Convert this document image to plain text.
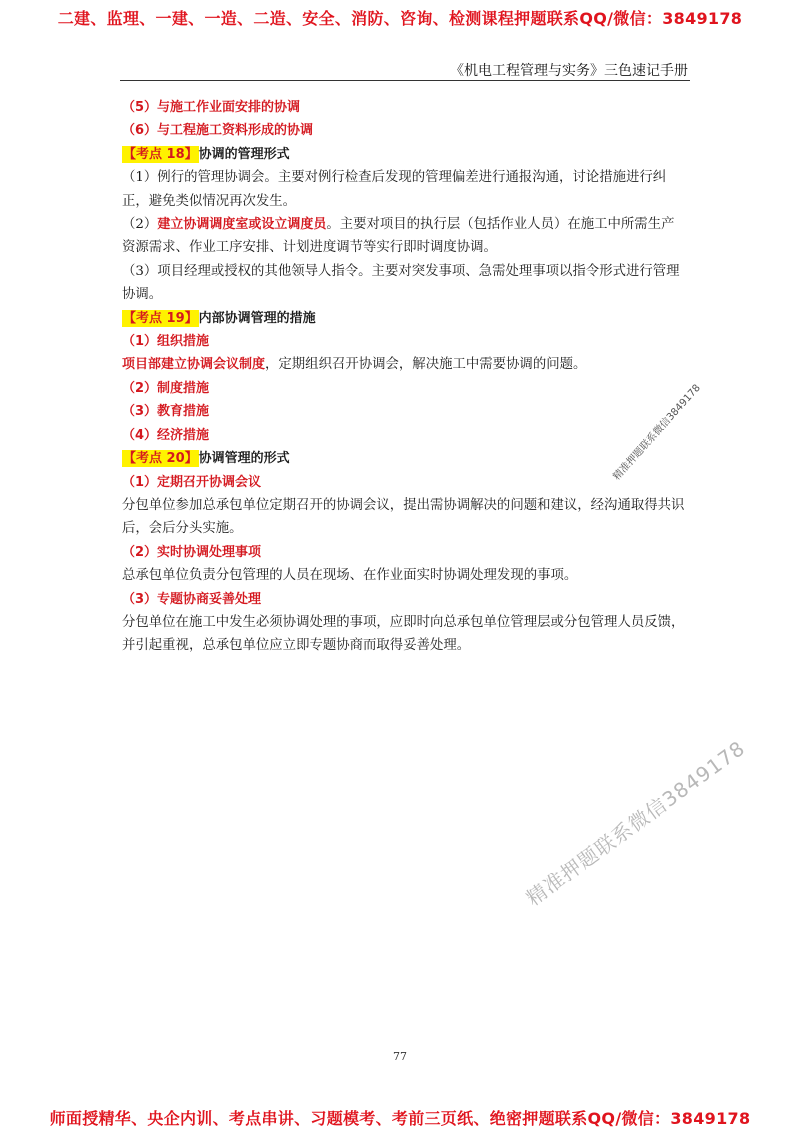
二建、监理、一建、一造、二造、安全、消防、咨询、检测课程押题联系QQ/微信：3849178
《机电工程管理与实务》三色速记手册

（5）与施工作业面安排的协调

（6）与工程施工资料形成的协调

【考点 18】协调的管理形式

（1）例行的管理协调会。主要对例行检查后发现的管理偏差进行通报沟通，讨论措施进行纠正，避免类似情况再次发生。

（2）建立协调调度室或设立调度员。主要对项目的执行层（包括作业人员）在施工中所需生产资源需求、作业工序安排、计划进度调节等实行即时调度协调。

（3）项目经理或授权的其他领导人指令。主要对突发事项、急需处理事项以指令形式进行管理协调。

【考点 19】内部协调管理的措施

（1）组织措施

项目部建立协调会议制度，定期组织召开协调会，解决施工中需要协调的问题。

（2）制度措施

（3）教育措施

（4）经济措施

【考点 20】协调管理的形式

（1）定期召开协调会议

分包单位参加总承包单位定期召开的协调会议，提出需协调解决的问题和建议，经沟通取得共识后，会后分头实施。

（2）实时协调处理事项

总承包单位负责分包管理的人员在现场、在作业面实时协调处理发现的事项。

（3）专题协商妥善处理

分包单位在施工中发生必须协调处理的事项，应即时向总承包单位管理层或分包管理人员反馈，并引起重视，总承包单位应立即专题协商而取得妥善处理。

精准押题联系微信3849178
精准押题联系微信3849178
77
师面授精华、央企内训、考点串讲、习题模考、考前三页纸、绝密押题联系QQ/微信：3849178
